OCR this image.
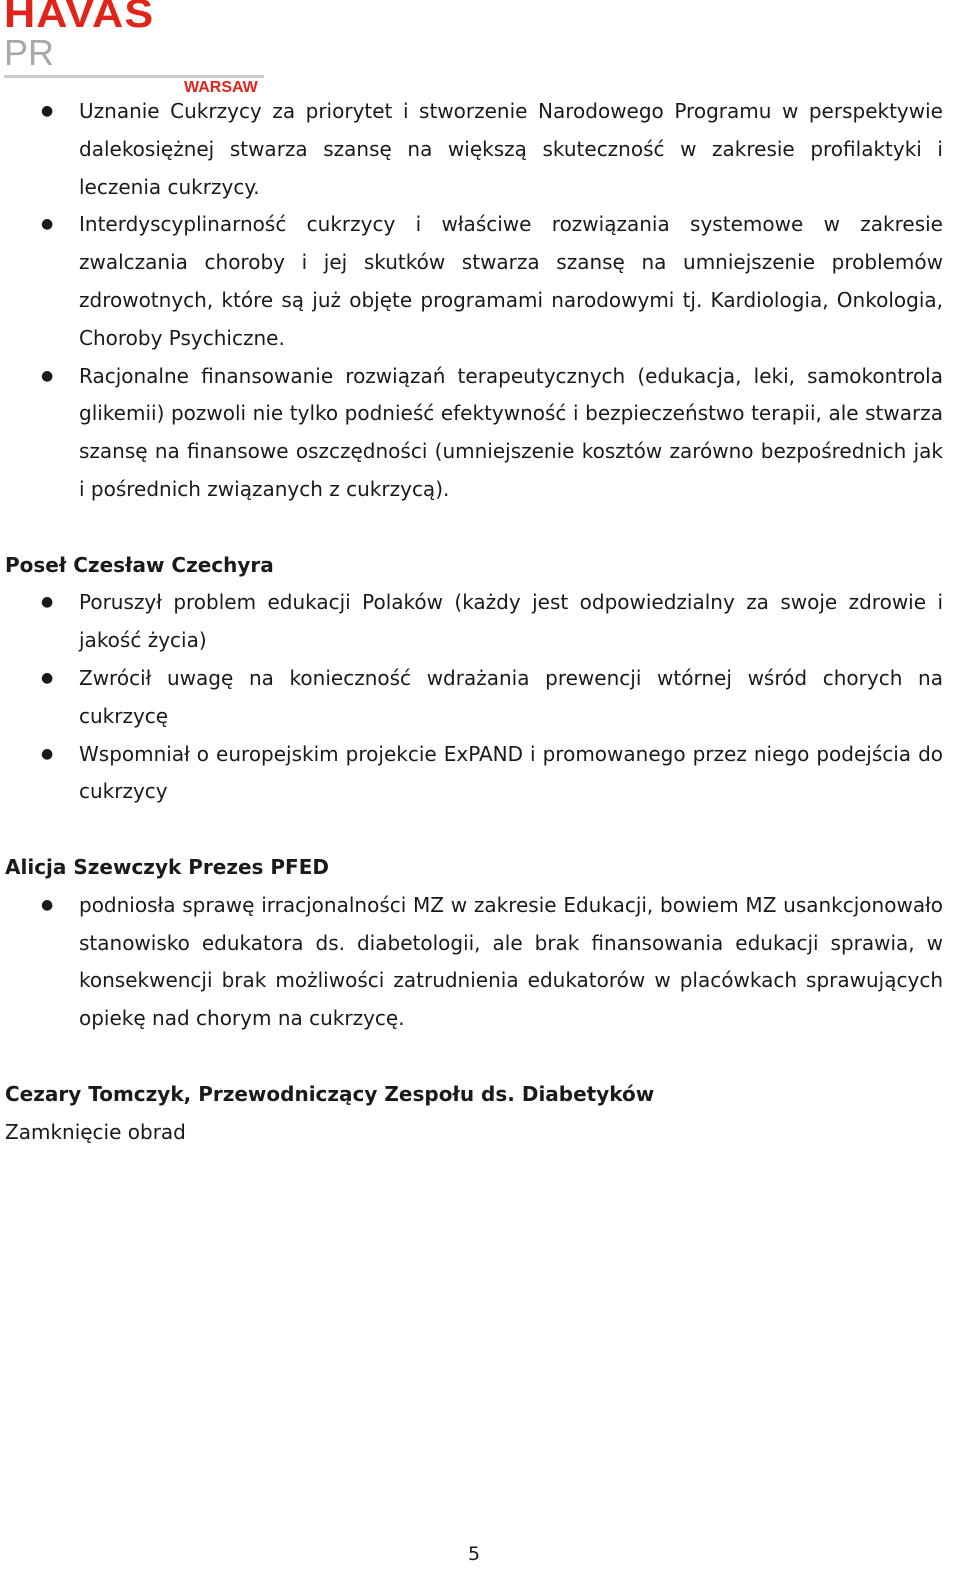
HAVAS
PR
WARSAW
● Uznanie Cukrzycy za priorytet i stworzenie Narodowego Programu w perspektywie dalekosiężnej stwarza szansę na większą skuteczność w zakresie profilaktyki i leczenia cukrzycy.
● Interdyscyplinarność cukrzycy i właściwe rozwiązania systemowe w zakresie zwalczania choroby i jej skutków stwarza szansę na umniejszenie problemów zdrowotnych, które są już objęte programami narodowymi tj. Kardiologia, Onkologia, Choroby Psychiczne.
● Racjonalne finansowanie rozwiązań terapeutycznych (edukacja, leki, samokontrola glikemii) pozwoli nie tylko podnieść efektywność i bezpieczeństwo terapii, ale stwarza szansę na finansowe oszczędności (umniejszenie kosztów zarówno bezpośrednich jak i pośrednich związanych z cukrzycą).
Poseł Czesław Czechyra
● Poruszył problem edukacji Polaków (każdy jest odpowiedzialny za swoje zdrowie i jakość życia)
● Zwrócił uwagę na konieczność wdrażania prewencji wtórnej wśród chorych na cukrzycę
● Wspomniał o europejskim projekcie ExPAND i promowanego przez niego podejścia do cukrzycy
Alicja Szewczyk Prezes PFED
● podniosła sprawę irracjonalności MZ w zakresie Edukacji, bowiem MZ usankcjonowało stanowisko edukatora ds. diabetologii, ale brak finansowania edukacji sprawia, w konsekwencji brak możliwości zatrudnienia edukatorów w placówkach sprawujących opiekę nad chorym na cukrzycę.
Cezary Tomczyk, Przewodniczący Zespołu ds. Diabetyków
Zamknięcie obrad
5
